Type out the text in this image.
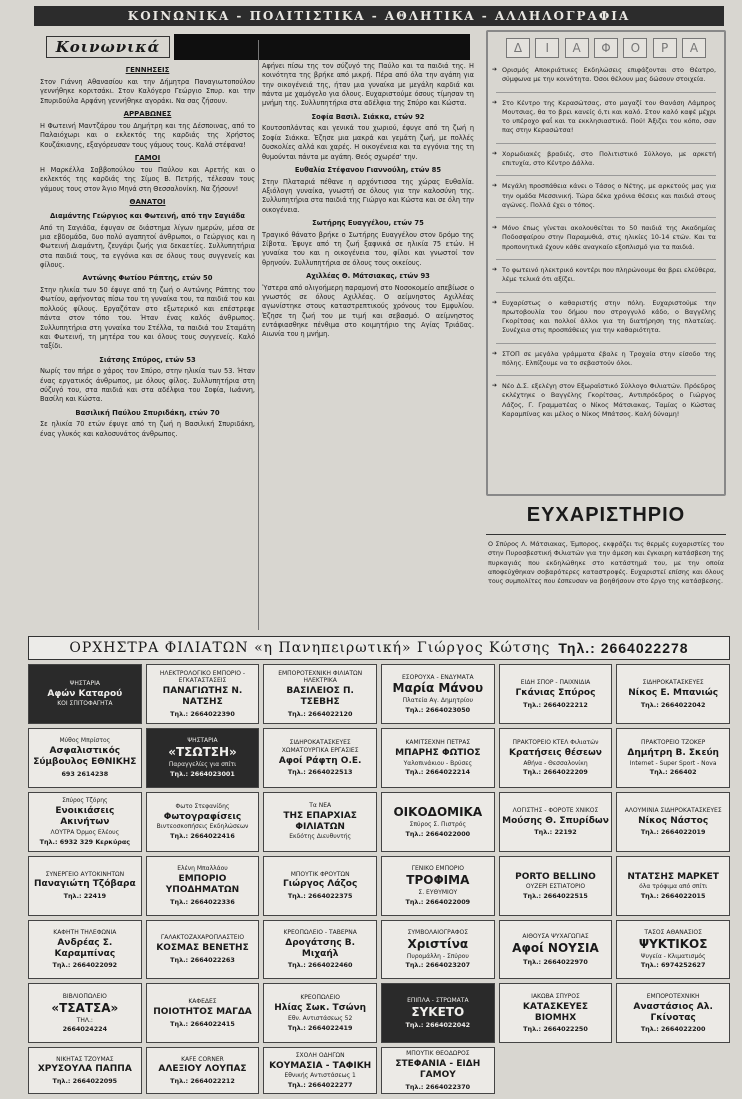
ΚΟΙΝΩΝΙΚΑ - ΠΟΛΙΤΙΣΤΙΚΑ - ΑΘΛΗΤΙΚΑ - ΑΛΛΗΛΟΓΡΑΦΙΑ
Κοινωνικά
ΓΕΝΝΗΣΕΙΣ

Στον Γιάννη Αθανασίου και την Δήμητρα Παναγιωτοπούλου γεννήθηκε κοριτσάκι. Στον Καλόγερο Γεώργιο Σπυρ. και την Σπυριδούλα Αρφάνη γεννήθηκε αγοράκι. Να σας ζήσουν.

ΑΡΡΑΒΩΝΕΣ

Η Φωτεινή Μαντζάρου του Δημήτρη και της Δέσποινας, από το Παλαιόχωρι και ο εκλεκτός της καρδιάς της Χρήστος Κουζάκιανης, εξαγόρευσαν τους γάμους τους. Καλά στέφανα!

ΓΑΜΟΙ

Η Μαρκέλλα Σαββοπούλου του Παύλου και Αρετής και ο εκλεκτός της καρδιάς της Σίμος Β. Πετρής, τέλεσαν τους γάμους τους στον Άγιο Μηνά στη Θεσσαλονίκη. Να ζήσουν!

ΘΑΝΑΤΟΙ
Διαμάντης Γεώργιος και Φωτεινή, από την Σαγιάδα

Από τη Σαγιάδα, έφυγαν σε διάστημα λίγων ημερών, μέσα σε μια εβδομάδα, δυο πολύ αγαπητοί άνθρωποι, ο Γεώργιος και η Φωτεινή Διαμάντη, ζευγάρι ζωής για δεκαετίες. Συλλυπητήρια στα παιδιά τους, τα εγγόνια και σε όλους τους συγγενείς και φίλους.

Αντώνης Φωτίου Ράπτης, ετών 50

Στην ηλικία των 50 έφυγε από τη ζωή ο Αντώνης Ράπτης του Φωτίου, αφήνοντας πίσω του τη γυναίκα του, τα παιδιά του και πολλούς φίλους. Εργαζόταν στο εξωτερικό και επέστρεφε πάντα στον τόπο του. Ήταν ένας καλός άνθρωπος. Συλλυπητήρια στη γυναίκα του Στέλλα, τα παιδιά του Σταμάτη και Φωτεινή, τη μητέρα του και όλους τους συγγενείς. Καλό ταξίδι.

Σιάτσης Σπύρος, ετών 53

Νωρίς τον πήρε ο χάρος τον Σπύρο, στην ηλικία των 53. Ήταν ένας εργατικός άνθρωπος, με όλους φίλος. Συλλυπητήρια στη σύζυγό του, στα παιδιά και στα αδέλφια του Σοφία, Ιωάννη, Βασίλη και Κώστα.

Βασιλική Παύλου Σπυριδάκη, ετών 70

Σε ηλικία 70 ετών έφυγε από τη ζωή η Βασιλική Σπυριδάκη, ένας γλυκός και καλοσυνάτος άνθρωπος.

Αφήνει πίσω της τον σύζυγό της Παύλο και τα παιδιά της. Η κοινότητα της βρήκε από μικρή. Πέρα από όλα την αγάπη για την οικογένειά της, ήταν μια γυναίκα με μεγάλη καρδιά και πάντα με χαμόγελο για όλους. Ευχαριστούμε όσους τίμησαν τη μνήμη της. Συλλυπητήρια στα αδέλφια της Σπύρο και Κώστα.

Σοφία Βασιλ. Σιάκκα, ετών 92

Κουτσοπλάντας και γενικά του χωριού, έφυγε από τη ζωή η Σοφία Σιάκκα. Έζησε μια μακρά και γεμάτη ζωή, με πολλές δυσκολίες αλλά και χαρές. Η οικογένεια και τα εγγόνια της τη θυμούνται πάντα με αγάπη. Θεός σχωρέσ' την.

Ευθαλία Στέφανου Γιαννούλη, ετών 85

Στην Πλαταριά πέθανε η αρχόντισσα της χώρας Ευθαλία. Αξιόλογη γυναίκα, γνωστή σε όλους για την καλοσύνη της. Συλλυπητήρια στα παιδιά της Γιώργο και Κώστα και σε όλη την οικογένεια.

Σωτήρης Ευαγγέλου, ετών 75

Τραγικό θάνατο βρήκε ο Σωτήρης Ευαγγέλου στον δρόμο της Σίβοτα. Έφυγε από τη ζωή ξαφνικά σε ηλικία 75 ετών. Η γυναίκα του και η οικογένεια του, φίλοι και γνωστοί τον θρηνούν. Συλλυπητήρια σε όλους τους οικείους.

Αχιλλέας Θ. Μάτσιακας, ετών 93

Ύστερα από ολιγοήμερη παραμονή στο Νοσοκομείο απεβίωσε ο γνωστός σε όλους Αχιλλέας. Ο αείμνηστος Αχιλλέας αγωνίστηκε στους καταστρεπτικούς χρόνους του Εμφυλίου. Έζησε τη ζωή του με τιμή και σεβασμό. Ο αείμνηστος εντάφιασθηκε πένθιμα στο κοιμητήριο της Αγίας Τριάδας. Αιωνία του η μνήμη.

Δ	Ι	Α	Φ	Ο	Ρ	Α
➔ Ορισμός Αποκριάτικες Εκδηλώσεις επιφάζονται στο Θέατρο, σύμφωνα με την κοινότητα. Όσοι θέλουν μας δώσουν στοιχεία.
➔ Στο Κέντρο της Κερασώτσας, στο μαγαζί του Θανάση Λάμπρος Μουτσιας, θα το βρει κανείς ό,τι και καλό. Στον καλό καφέ μέχρι το υπέροχο φαΐ και τα εκκλησιαστικά. Πού! Άξιζει του κόπο, σαν πας στην Κερασώτσα!
➔ Χορωδιακές βραδιές, στο Πολιτιστικό Σύλλογο, με αρκετή επιτυχία, στο Κέντρο Δάλλα.
➔ Μεγάλη προσπάθεια κάνει ο Τάσος ο Νέτης, με αρκετούς μας για την ομάδα Μεσσινική. Τώρα δέκα χρόνια θέσεις και παιδιά στους αγώνες. Πολλά έχει ο τόπος.
➔ Μόνο έπως γίνεται ακολουθείται το 50 παιδιά της Ακαδημίας Ποδοσφαίρου στην Παραμυθιά, στις ηλικίες 10-14 ετών. Και τα προπονητικά έχουν κάθε αναγκαίο εξοπλισμό για τα παιδιά.
➔ Το φωτεινό ηλεκτρικό κοντέρι που πληρώνουμε θα βρει ελεύθερα, λέμε τελικά ότι αξίζει.
➔ Ευχαρίστως ο καθαριστής στην πόλη. Ευχαριστούμε την πρωτοβουλία του δήμου που στρογγυλό κάδο, ο Βαγγέλης Γκορίτσας και πολλοί άλλοι για τη διατήρηση της πλατείας. Συνέχεια στις προσπάθειες για την καθαριότητα.
➔ ΣΤΟΠ σε μεγάλα γράμματα έβαλε η Τροχαία στην είσοδο της πόλης. Ελπίζουμε να το σεβαστούν όλοι.
➔ Νέο Δ.Σ. εξελέγη στον Εξωραϊστικό Σύλλογο Φιλιατών. Πρόεδρος εκλέχτηκε ο Βαγγέλης Γκορίτσας, Αντιπρόεδρος ο Γιώργος Λάζος, Γ. Γραμματέας ο Νίκος Μάτσιακας, Ταμίας ο Κώστας Καραμπίνας και μέλος ο Νίκος Μπάτσος. Καλή δύναμη!
ΕΥΧΑΡΙΣΤΗΡΙΟ
Ο Σπύρος Λ. Μάτσιακας, Έμπορος, εκφράζει τις θερμές ευχαριστίες του στην Πυροσβεστική Φιλιατών για την άμεση και έγκαιρη κατάσβεση της πυρκαγιάς που εκδηλώθηκε στο κατάστημά του, με την οποία αποφεύχθηκαν σοβαρότερες καταστροφές. Ευχαριστεί επίσης και όλους τους συμπολίτες που έσπευσαν να βοηθήσουν στο έργο της κατάσβεσης.
ΟΡΧΗΣΤΡΑ ΦΙΛΙΑΤΩΝ «η Πανηπειρωτική» Γιώργος Κώτσης Τηλ.: 2664022278
ΨΗΣΤΑΡΙΑ
Αφών Καταρού
ΚΟΙ ΣΠΙΤΟΦΑΓΗΤΑ
ΗΛΕΚΤΡΟΛΟΓΙΚΟ ΕΜΠΟΡΙΟ - ΕΓΚΑΤΑΣΤΑΣΕΙΣ
ΠΑΝΑΓΙΩΤΗΣ Ν. ΝΑΤΣΗΣ
Τηλ.: 2664022390
ΕΜΠΟΡΟΤΕΧΝΙΚΗ ΦΙΛΙΑΤΩΝ ΗΛΕΚΤΡΙΚΑ
ΒΑΣΙΛΕΙΟΣ Π. ΤΣΕΒΗΣ
Τηλ.: 2664022120
ΕΣΟΡΟΥΧΑ - ΕΝΔΥΜΑΤΑ
Μαρία Μάνου
Πλατεία Αγ. Δημητρίου
Τηλ.: 2664023050
ΕΙΔΗ ΣΠΟΡ - ΠΑΙΧΝΙΔΙΑ
Γκάνιας Σπύρος
Τηλ.: 2664022212
ΣΙΔΗΡΟΚΑΤΑΣΚΕΥΕΣ
Νίκος Ε. Μπανιώς
Τηλ.: 2664022042
Μύθος Μπρίστος
Ασφαλιστικός Σύμβουλος ΕΘΝΙΚΗΣ
693 2614238
ΨΗΣΤΑΡΙΑ
«ΤΣΩΤΣΗ»
Παραγγελίες για σπίτι
Τηλ.: 2664023001
ΣΙΔΗΡΟΚΑΤΑΣΚΕΥΕΣ ΧΩΜΑΤΟΥΡΓΙΚΑ ΕΡΓΑΣΙΕΣ
Αφοί Ράφτη Ο.Ε.
Τηλ.: 2664022513
ΚΑΜΙΤΣΕΧΝΗ ΠΕΤΡΑΣ
ΜΠΑΡΗΣ ΦΩΤΙΟΣ
Υαλοπινάκιου - Βρύσες
Τηλ.: 2664022214
ΠΡΑΚΤΟΡΕΙΟ ΚΤΕΛ Φιλιατών
Κρατήσεις θέσεων
Αθήνα - Θεσσαλονίκη
Τηλ.: 2664022209
ΠΡΑΚΤΟΡΕΙΟ ΤΖΟΚΕΡ
Δημήτρη Β. Σκεύη
Internet - Super Sport - Nova
Τηλ.: 266402
Σπύρος Τζόρης
Ενοικιάσεις Ακινήτων
ΛΟΥΤΡΑ Όρμος Ελέους
Τηλ.: 6932 329 Κερκύρας
Φωτο Στεφανίδης
Φωτογραφίσεις
Βιντεοσκοπήσεις Εκδηλώσεων
Τηλ.: 2664022416
Τα ΝΕΑ
ΤΗΣ ΕΠΑΡΧΙΑΣ ΦΙΛΙΑΤΩΝ
Εκδότης Διευθυντής
ΟΙΚΟΔΟΜΙΚΑ
Σπύρος Σ. Πιστρός
Τηλ.: 2664022000
ΛΟΓΙΣΤΗΣ - ΦΟΡΟΤΕ ΧΝΙΚΟΣ
Μούσης Θ. Σπυρίδων
Τηλ.: 22192
ΑΛΟΥΜΙΝΙΑ ΣΙΔΗΡΟΚΑΤΑΣΚΕΥΕΣ
Νίκος Νάστος
Τηλ.: 2664022019
ΣΥΝΕΡΓΕΙΟ ΑΥΤΟΚΙΝΗΤΩΝ
Παναγιώτη Τζόβαρα
Τηλ.: 22419
Ελένη Μπαλλάου
ΕΜΠΟΡΙΟ ΥΠΟΔΗΜΑΤΩΝ
Τηλ.: 2664022336
ΜΠΟΥΤΙΚ ΦΡΟΥΤΩΝ
Γιώργος Λάζος
Τηλ.: 2664022375
ΓΕΝΙΚΟ ΕΜΠΟΡΙΟ
ΤΡΟΦΙΜΑ
Σ. ΕΥΘΥΜΙΟΥ
Τηλ.: 2664022009
PORTO BELLINO
ΟΥΖΕΡΙ ΕΣΤΙΑΤΟΡΙΟ
Τηλ.: 2664022515
ΝΤΑΤΣΗΣ ΜΑΡΚΕΤ
όλα τρόφιμα από σπίτι
Τηλ.: 2664022015
ΚΑΦΗΤΗ ΤΗΛΕΦΩΝΙΑ
Ανδρέας Σ. Καραμπίνας
Τηλ.: 2664022092
ΓΑΛΑΚΤΟΖΑΧΑΡΟΠΛΑΣΤΕΙΟ
ΚΟΣΜΑΣ ΒΕΝΕΤΗΣ
Τηλ.: 2664022263
ΚΡΕΟΠΩΛΕΙΟ - ΤΑΒΕΡΝΑ
Δρογάτσης Β. Μιχαήλ
Τηλ.: 2664022460
ΣΥΜΒΟΛΑΙΟΓΡΑΦΟΣ
Χριστίνα
Πυρομάλλη - Σπύρου
Τηλ.: 2664023207
ΑΙΘΟΥΣΑ ΨΥΧΑΓΩΓΙΑΣ
Αφοί ΝΟΥΣΙΑ
Τηλ.: 2664022970
ΤΑΣΟΣ ΑΘΑΝΑΣΙΟΣ
ΨΥΚΤΙΚΟΣ
Ψυγεία - Κλιματισμός
Τηλ.: 6974252627
ΒΙΒΛΙΟΠΩΛΕΙΟ
«ΤΣΑΤΣΑ»
ΤΗΛ.:
2664024224
ΚΑΦΕΔΕΣ
ΠΟΙΟΤΗΤΟΣ ΜΑΓΔΑ
Τηλ.: 2664022415
ΚΡΕΟΠΩΛΕΙΟ
Ηλίας Σωκ. Τσώνη
Εθν. Αντιστάσεως 52
Τηλ.: 2664022419
ΕΠΙΠΛΑ - ΣΤΡΩΜΑΤΑ
ΣΥΚΕΤΟ
Τηλ.: 2664022042
ΙΑΚΩΒΑ ΣΠΥΡΟΣ
ΚΑΤΑΣΚΕΥΕΣ ΒΙΟΜΗΧ
Τηλ.: 2664022250
ΕΜΠΟΡΟΤΕΧΝΙΚΗ
Αναστάσιος Αλ. Γκίνοτας
Τηλ.: 2664022200
ΝΙΚΗΤΑΣ ΤΖΟΥΜΑΣ
ΧΡΥΣΟΥΛΑ ΠΑΠΠΑ
Τηλ.: 2664022095
KAFE CORNER
ΑΛΕΞΙΟΥ ΛΟΥΠΑΣ
Τηλ.: 2664022212
ΣΧΟΛΗ ΟΔΗΓΩΝ
ΚΟΥΜΑΣΙΑ - ΤΑΦΙΚΗ
Εθνικής Αντιστάσεως 1
Τηλ.: 2664022277
ΜΠΟΥΤΙΚ ΘΕΟΔΩΡΟΣ
ΣΤΕΦΑΝΙΑ - ΕΙΔΗ ΓΑΜΟΥ
Τηλ.: 2664022370
